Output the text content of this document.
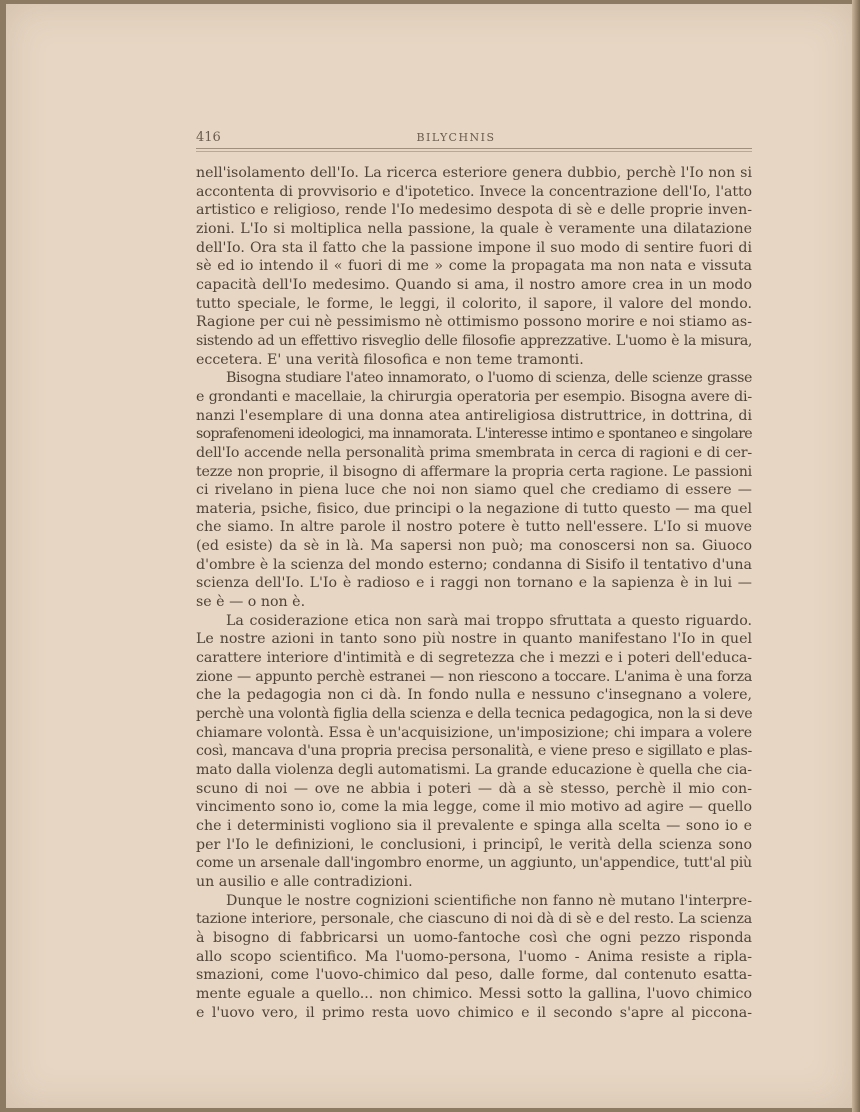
416	BILYCHNIS
nell'isolamento dell'Io. La ricerca esteriore genera dubbio, perchè l'Io non si
accontenta di provvisorio e d'ipotetico. Invece la concentrazione dell'Io, l'atto
artistico e religioso, rende l'Io medesimo despota di sè e delle proprie inven-
zioni. L'Io si moltiplica nella passione, la quale è veramente una dilatazione
dell'Io. Ora sta il fatto che la passione impone il suo modo di sentire fuori di
sè ed io intendo il « fuori di me » come la propagata ma non nata e vissuta
capacità dell'Io medesimo. Quando si ama, il nostro amore crea in un modo
tutto speciale, le forme, le leggi, il colorito, il sapore, il valore del mondo.
Ragione per cui nè pessimismo nè ottimismo possono morire e noi stiamo as-
sistendo ad un effettivo risveglio delle filosofie apprezzative. L'uomo è la misura,
eccetera. E' una verità filosofica e non teme tramonti.
Bisogna studiare l'ateo innamorato, o l'uomo di scienza, delle scienze grasse
e grondanti e macellaie, la chirurgia operatoria per esempio. Bisogna avere di-
nanzi l'esemplare di una donna atea antireligiosa distruttrice, in dottrina, di
soprafenomeni ideologici, ma innamorata. L'interesse intimo e spontaneo e singolare
dell'Io accende nella personalità prima smembrata in cerca di ragioni e di cer-
tezze non proprie, il bisogno di affermare la propria certa ragione. Le passioni
ci rivelano in piena luce che noi non siamo quel che crediamo di essere —
materia, psiche, fisico, due principi o la negazione di tutto questo — ma quel
che siamo. In altre parole il nostro potere è tutto nell'essere. L'Io si muove
(ed esiste) da sè in là. Ma sapersi non può; ma conoscersi non sa. Giuoco
d'ombre è la scienza del mondo esterno; condanna di Sisifo il tentativo d'una
scienza dell'Io. L'Io è radioso e i raggi non tornano e la sapienza è in lui —
se è — o non è.
La cosiderazione etica non sarà mai troppo sfruttata a questo riguardo.
Le nostre azioni in tanto sono più nostre in quanto manifestano l'Io in quel
carattere interiore d'intimità e di segretezza che i mezzi e i poteri dell'educa-
zione — appunto perchè estranei — non riescono a toccare. L'anima è una forza
che la pedagogia non ci dà. In fondo nulla e nessuno c'insegnano a volere,
perchè una volontà figlia della scienza e della tecnica pedagogica, non la si deve
chiamare volontà. Essa è un'acquisizione, un'imposizione; chi impara a volere
così, mancava d'una propria precisa personalità, e viene preso e sigillato e plas-
mato dalla violenza degli automatismi. La grande educazione è quella che cia-
scuno di noi — ove ne abbia i poteri — dà a sè stesso, perchè il mio con-
vincimento sono io, come la mia legge, come il mio motivo ad agire — quello
che i deterministi vogliono sia il prevalente e spinga alla scelta — sono io e
per l'Io le definizioni, le conclusioni, i principî, le verità della scienza sono
come un arsenale dall'ingombro enorme, un aggiunto, un'appendice, tutt'al più
un ausilio e alle contradizioni.
Dunque le nostre cognizioni scientifiche non fanno nè mutano l'interpre-
tazione interiore, personale, che ciascuno di noi dà di sè e del resto. La scienza
à bisogno di fabbricarsi un uomo-fantoche così che ogni pezzo risponda
allo scopo scientifico. Ma l'uomo-persona, l'uomo - Anima resiste a ripla-
smazioni, come l'uovo-chimico dal peso, dalle forme, dal contenuto esatta-
mente eguale a quello... non chimico. Messi sotto la gallina, l'uovo chimico
e l'uovo vero, il primo resta uovo chimico e il secondo s'apre al piccona-
